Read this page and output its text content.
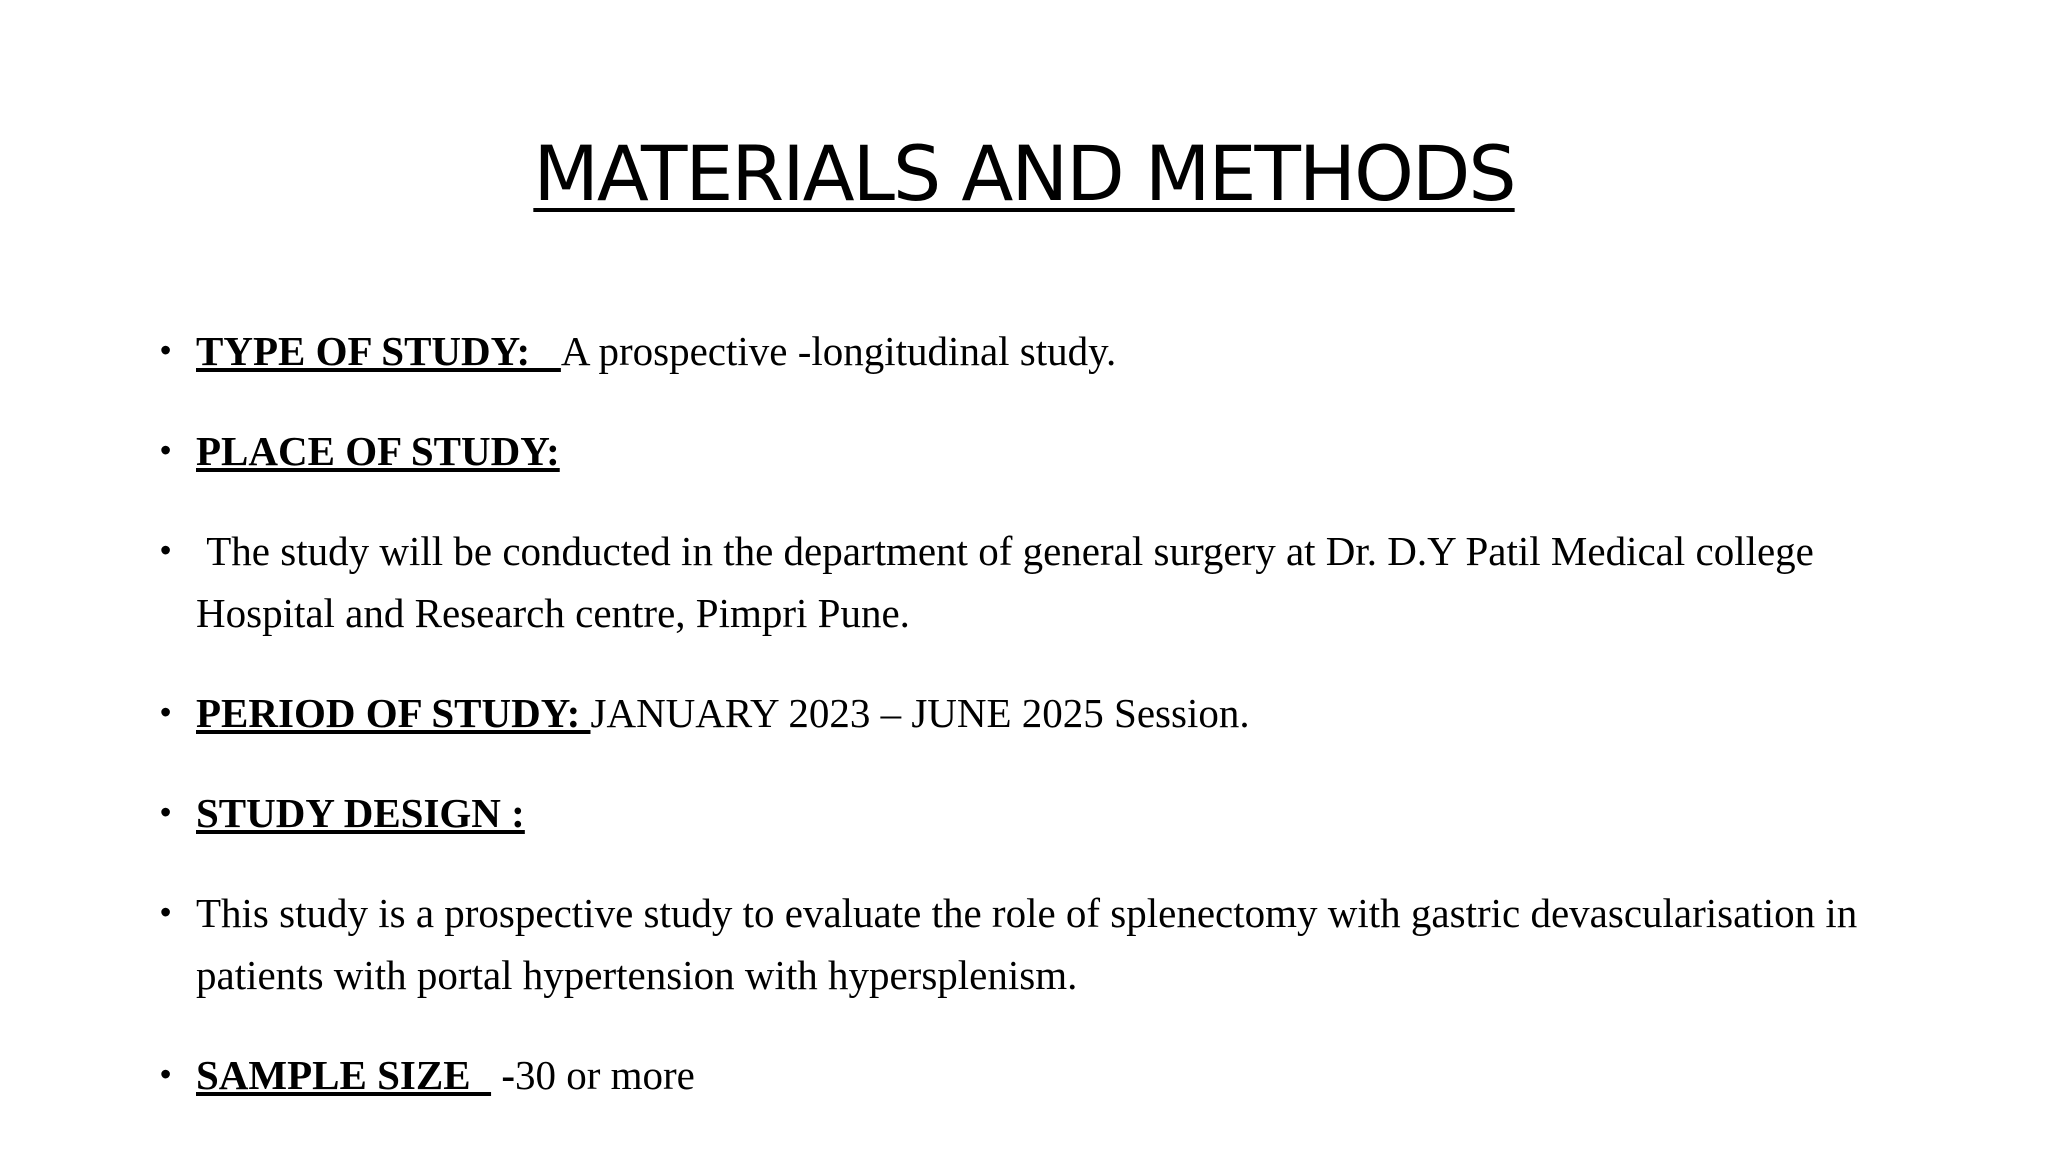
MATERIALS AND METHODS
• TYPE OF STUDY:   A prospective -longitudinal study.
• PLACE OF STUDY:
• The study will be conducted in the department of general surgery at Dr. D.Y Patil Medical college Hospital and Research centre, Pimpri Pune.
• PERIOD OF STUDY: JANUARY 2023 – JUNE 2025 Session.
• STUDY DESIGN :
• This study is a prospective study to evaluate the role of splenectomy with gastric devascularisation in patients with portal hypertension with hypersplenism.
• SAMPLE SIZE   -30 or more
